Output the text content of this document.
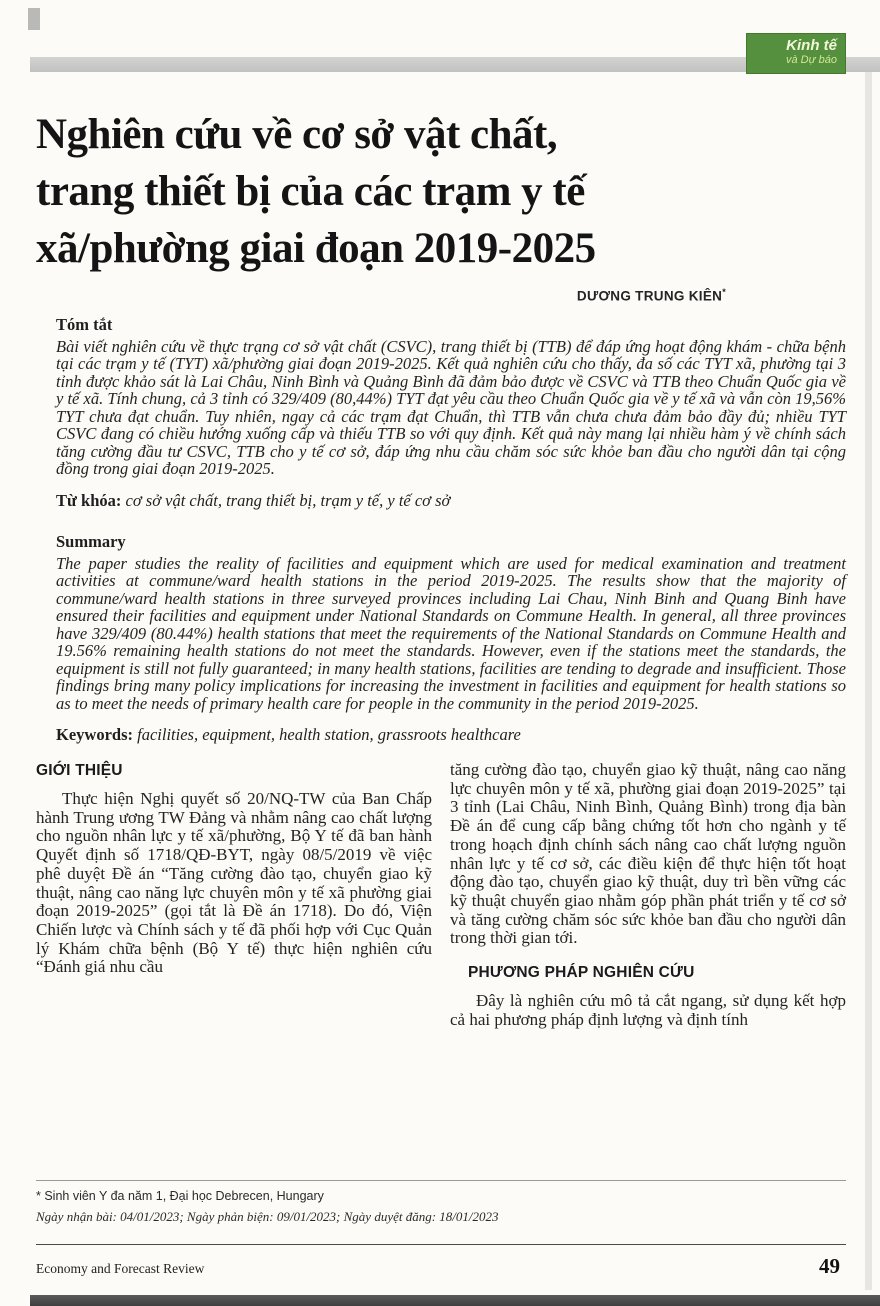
Kinh tế
và Dự báo
Nghiên cứu về cơ sở vật chất,
trang thiết bị của các trạm y tế
xã/phường giai đoạn 2019-2025
DƯƠNG TRUNG KIÊN*
Tóm tắt

Bài viết nghiên cứu về thực trạng cơ sở vật chất (CSVC), trang thiết bị (TTB) để đáp ứng hoạt động khám - chữa bệnh tại các trạm y tế (TYT) xã/phường giai đoạn 2019-2025. Kết quả nghiên cứu cho thấy, đa số các TYT xã, phường tại 3 tỉnh được khảo sát là Lai Châu, Ninh Bình và Quảng Bình đã đảm bảo được về CSVC và TTB theo Chuẩn Quốc gia về y tế xã. Tính chung, cả 3 tỉnh có 329/409 (80,44%) TYT đạt yêu cầu theo Chuẩn Quốc gia về y tế xã và vẫn còn 19,56% TYT chưa đạt chuẩn. Tuy nhiên, ngay cả các trạm đạt Chuẩn, thì TTB vẫn chưa chưa đảm bảo đầy đủ; nhiều TYT CSVC đang có chiều hướng xuống cấp và thiếu TTB so với quy định. Kết quả này mang lại nhiều hàm ý về chính sách tăng cường đầu tư CSVC, TTB cho y tế cơ sở, đáp ứng nhu cầu chăm sóc sức khỏe ban đầu cho người dân tại cộng đồng trong giai đoạn 2019-2025.

Từ khóa: cơ sở vật chất, trang thiết bị, trạm y tế, y tế cơ sở

Summary

The paper studies the reality of facilities and equipment which are used for medical examination and treatment activities at commune/ward health stations in the period 2019-2025. The results show that the majority of commune/ward health stations in three surveyed provinces including Lai Chau, Ninh Binh and Quang Binh have ensured their facilities and equipment under National Standards on Commune Health. In general, all three provinces have 329/409 (80.44%) health stations that meet the requirements of the National Standards on Commune Health and 19.56% remaining health stations do not meet the standards. However, even if the stations meet the standards, the equipment is still not fully guaranteed; in many health stations, facilities are tending to degrade and insufficient. Those findings bring many policy implications for increasing the investment in facilities and equipment for health stations so as to meet the needs of primary health care for people in the community in the period 2019-2025.

Keywords: facilities, equipment, health station, grassroots healthcare

GIỚI THIỆU

Thực hiện Nghị quyết số 20/NQ-TW của Ban Chấp hành Trung ương TW Đảng và nhằm nâng cao chất lượng cho nguồn nhân lực y tế xã/phường, Bộ Y tế đã ban hành Quyết định số 1718/QĐ-BYT, ngày 08/5/2019 về việc phê duyệt Đề án “Tăng cường đào tạo, chuyển giao kỹ thuật, nâng cao năng lực chuyên môn y tế xã phường giai đoạn 2019-2025” (gọi tắt là Đề án 1718). Do đó, Viện Chiến lược và Chính sách y tế đã phối hợp với Cục Quản lý Khám chữa bệnh (Bộ Y tế) thực hiện nghiên cứu “Đánh giá nhu cầu

tăng cường đào tạo, chuyển giao kỹ thuật, nâng cao năng lực chuyên môn y tế xã, phường giai đoạn 2019-2025” tại 3 tỉnh (Lai Châu, Ninh Bình, Quảng Bình) trong địa bàn Đề án để cung cấp bằng chứng tốt hơn cho ngành y tế trong hoạch định chính sách nâng cao chất lượng nguồn nhân lực y tế cơ sở, các điều kiện để thực hiện tốt hoạt động đào tạo, chuyển giao kỹ thuật, duy trì bền vững các kỹ thuật chuyển giao nhằm góp phần phát triển y tế cơ sở và tăng cường chăm sóc sức khỏe ban đầu cho người dân trong thời gian tới.

PHƯƠNG PHÁP NGHIÊN CỨU

Đây là nghiên cứu mô tả cắt ngang, sử dụng kết hợp cả hai phương pháp định lượng và định tính

* Sinh viên Y đa năm 1, Đại học Debrecen, Hungary
Ngày nhận bài: 04/01/2023; Ngày phản biện: 09/01/2023; Ngày duyệt đăng: 18/01/2023
Economy and Forecast Review	49
